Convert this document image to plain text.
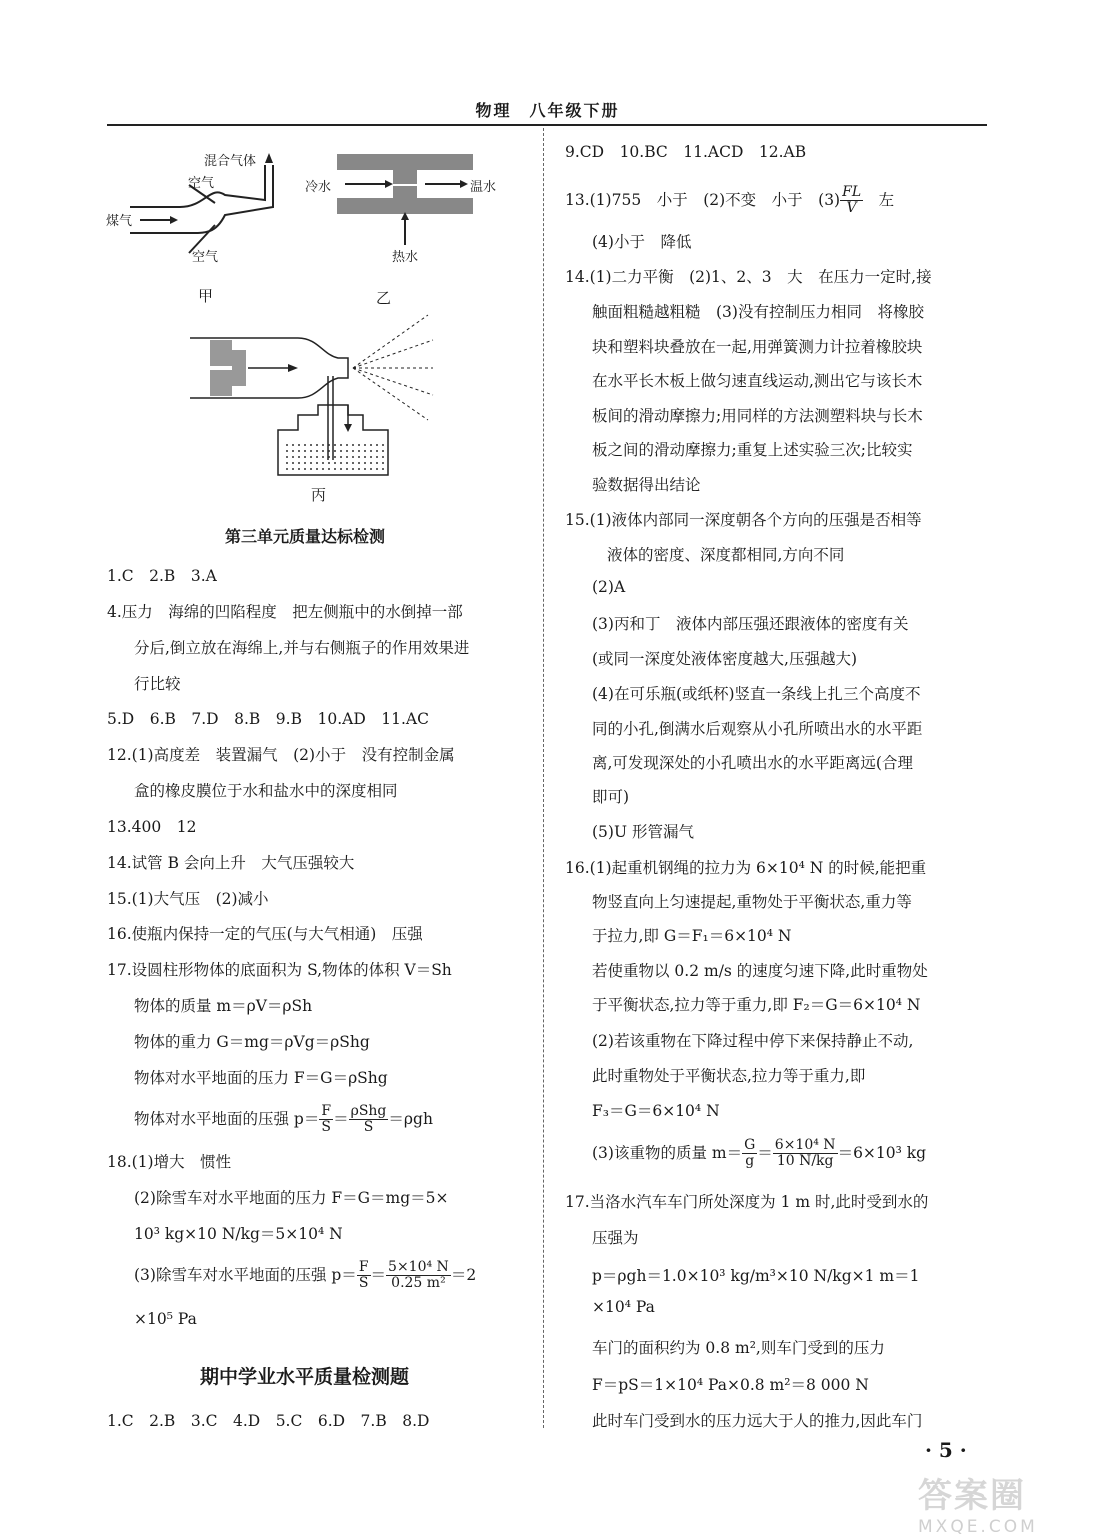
物理　八年级下册
混合气体
空气
空气
煤气
甲
冷水	温水
热水
乙
丙
第三单元质量达标检测
1.C　2.B　3.A
4.压力　海绵的凹陷程度　把左侧瓶中的水倒掉一部
分后,倒立放在海绵上,并与右侧瓶子的作用效果进
行比较
5.D　6.B　7.D　8.B　9.B　10.AD　11.AC
12.(1)高度差　装置漏气　(2)小于　没有控制金属
盒的橡皮膜位于水和盐水中的深度相同
13.400　12
14.试管 B 会向上升　大气压强较大
15.(1)大气压　(2)减小
16.使瓶内保持一定的气压(与大气相通)　压强
17.设圆柱形物体的底面积为 S,物体的体积 V＝Sh
物体的质量 m＝ρV＝ρSh
物体的重力 G＝mg＝ρVg＝ρShg
物体对水平地面的压力 F＝G＝ρShg
物体对水平地面的压强 $p= \frac{F}{S} = \frac{\text{ρShg}}{S} =\rho gh$
18.(1)增大　惯性
(2)除雪车对水平地面的压力 F＝G＝mg＝5×
10³ kg×10 N/kg＝5×10⁴ N
(3)除雪车对水平地面的压强 $p= \frac{F}{S} = \frac{\text{5×10⁴ N}}{\text{0.25 m²}} =2$
×10⁵ Pa
期中学业水平质量检测题
1.C　2.B　3.C　4.D　5.C　6.D　7.B　8.D
9.CD　10.BC　11.ACD　12.AB
13.(1)755　小于　(2)不变　小于　$(3) \frac{FL}{V}$
　 左
(4)小于　降低
14.(1)二力平衡　(2)1、2、3　大　在压力一定时,接
触面粗糙越粗糙　(3)没有控制压力相同　将橡胶
块和塑料块叠放在一起,用弹簧测力计拉着橡胶块
在水平长木板上做匀速直线运动,测出它与该长木
板间的滑动摩擦力;用同样的方法测塑料块与长木
板之间的滑动摩擦力;重复上述实验三次;比较实
验数据得出结论
15.(1)液体内部同一深度朝各个方向的压强是否相等
液体的密度、深度都相同,方向不同
(2)A
(3)丙和丁　液体内部压强还跟液体的密度有关
(或同一深度处液体密度越大,压强越大)
(4)在可乐瓶(或纸杯)竖直一条线上扎三个高度不
同的小孔,倒满水后观察从小孔所喷出水的水平距
离,可发现深处的小孔喷出水的水平距离远(合理
即可)
(5)U 形管漏气
16.(1)起重机钢绳的拉力为 6×10⁴ N 的时候,能把重
物竖直向上匀速提起,重物处于平衡状态,重力等
于拉力,即 G＝F₁＝6×10⁴ N
若使重物以 0.2 m/s 的速度匀速下降,此时重物处
于平衡状态,拉力等于重力,即 F₂＝G＝6×10⁴ N
(2)若该重物在下降过程中停下来保持静止不动,
此时重物处于平衡状态,拉力等于重力,即
F₃＝G＝6×10⁴ N
(3)该重物的质量 $m= \frac{G}{g} = \frac{\text{6×10⁴ N}}{10 N/kg} =6\times 10^3$ kg
17.当洛水汽车车门所处深度为 1 m 时,此时受到水的
压强为
p＝ρgh＝1.0×10³ kg/m³×10 N/kg×1 m＝1
×10⁴ Pa
车门的面积约为 0.8 m²,则车门受到的压力
F＝pS＝1×10⁴ Pa×0.8 m²＝8 000 N
此时车门受到水的压力远大于人的推力,因此车门
· 5 ·
答案圈
MXQE.COM
